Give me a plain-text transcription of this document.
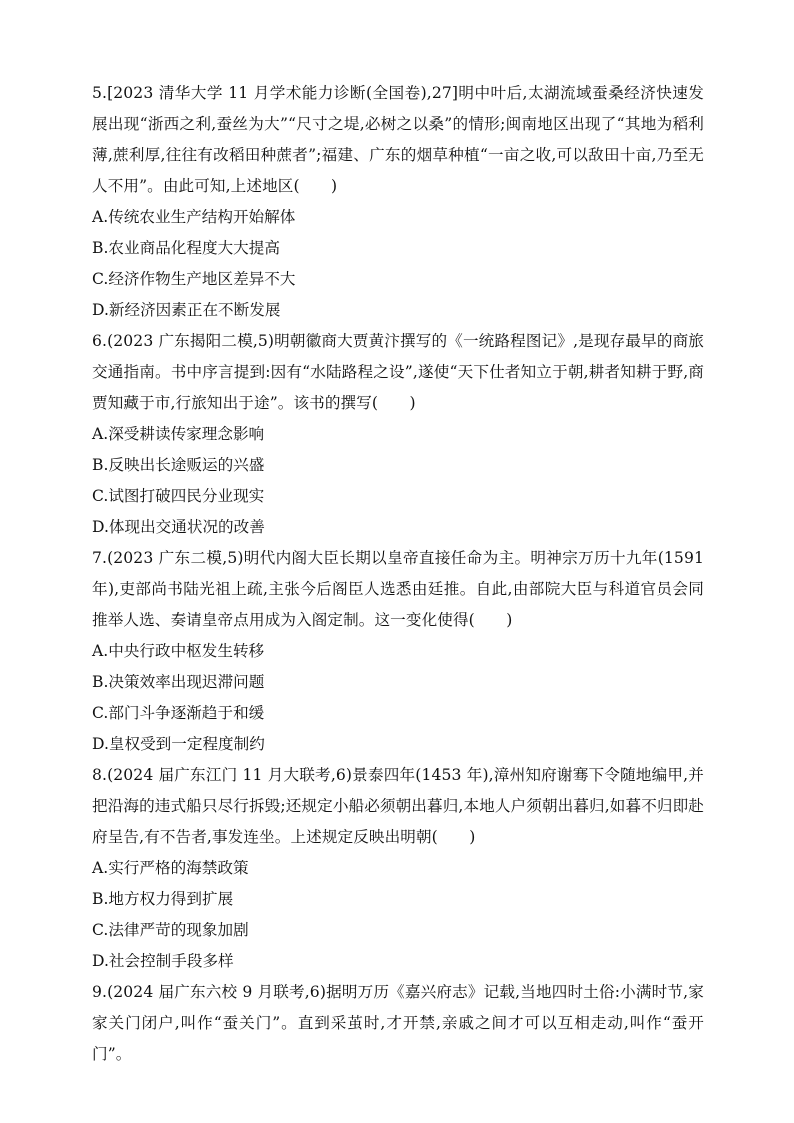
5.[2023 清华大学 11 月学术能力诊断(全国卷),27]明中叶后,太湖流域蚕桑经济快速发展出现“浙西之利,蚕丝为大”“尺寸之堤,必树之以桑”的情形;闽南地区出现了“其地为稻利薄,蔗利厚,往往有改稻田种蔗者”;福建、广东的烟草种植“一亩之收,可以敌田十亩,乃至无人不用”。由此可知,上述地区(　　)
A.传统农业生产结构开始解体
B.农业商品化程度大大提高
C.经济作物生产地区差异不大
D.新经济因素正在不断发展
6.(2023 广东揭阳二模,5)明朝徽商大贾黄汴撰写的《一统路程图记》,是现存最早的商旅交通指南。书中序言提到:因有“水陆路程之设”,遂使“天下仕者知立于朝,耕者知耕于野,商贾知藏于市,行旅知出于途”。该书的撰写(　　)
A.深受耕读传家理念影响
B.反映出长途贩运的兴盛
C.试图打破四民分业现实
D.体现出交通状况的改善
7.(2023 广东二模,5)明代内阁大臣长期以皇帝直接任命为主。明神宗万历十九年(1591年),吏部尚书陆光祖上疏,主张今后阁臣人选悉由廷推。自此,由部院大臣与科道官员会同推举人选、奏请皇帝点用成为入阁定制。这一变化使得(　　)
A.中央行政中枢发生转移
B.决策效率出现迟滞问题
C.部门斗争逐渐趋于和缓
D.皇权受到一定程度制约
8.(2024 届广东江门 11 月大联考,6)景泰四年(1453 年),漳州知府谢骞下令随地编甲,并把沿海的违式船只尽行拆毁;还规定小船必须朝出暮归,本地人户须朝出暮归,如暮不归即赴府呈告,有不告者,事发连坐。上述规定反映出明朝(　　)
A.实行严格的海禁政策
B.地方权力得到扩展
C.法律严苛的现象加剧
D.社会控制手段多样
9.(2024 届广东六校 9 月联考,6)据明万历《嘉兴府志》记载,当地四时土俗:小满时节,家家关门闭户,叫作“蚕关门”。直到采茧时,才开禁,亲戚之间才可以互相走动,叫作“蚕开门”。
